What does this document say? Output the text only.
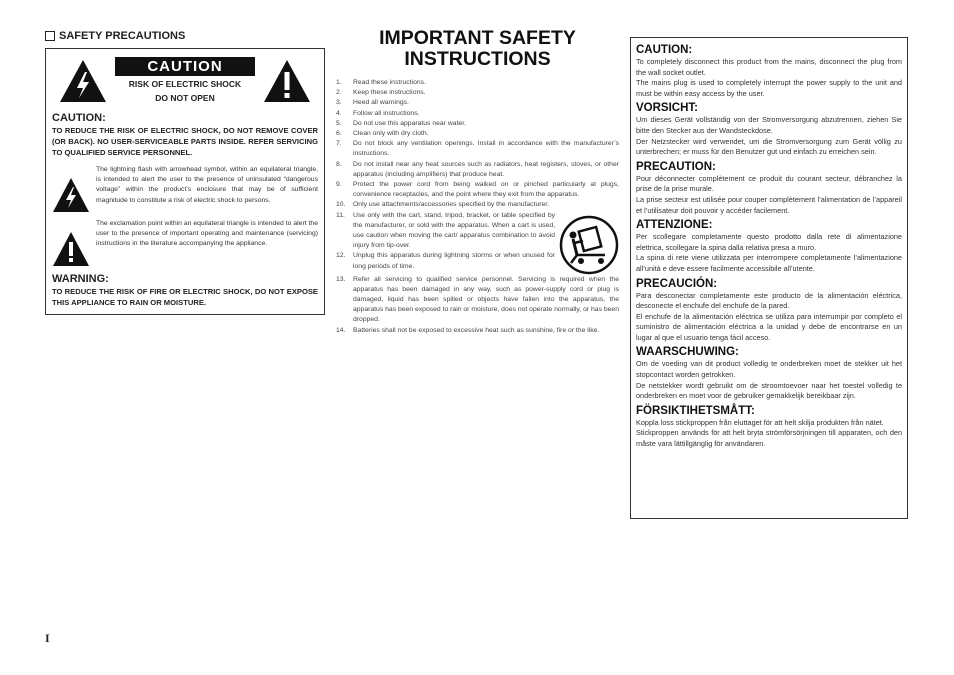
SAFETY PRECAUTIONS
CAUTION
RISK OF ELECTRIC SHOCK
DO NOT OPEN
CAUTION:
TO REDUCE THE RISK OF ELECTRIC SHOCK, DO NOT REMOVE COVER (OR BACK). NO USER-SERVICEABLE PARTS INSIDE. REFER SERVICING TO QUALIFIED SERVICE PERSONNEL.
The lightning flash with arrowhead symbol, within an equilateral triangle, is intended to alert the user to the presence of uninsulated “dangerous voltage” within the product’s enclosure that may be of sufficient magnitude to constitute a risk of electric shock to persons.
The exclamation point within an equilateral triangle is intended to alert the user to the presence of important operating and maintenance (servicing) instructions in the literature accompanying the appliance.
WARNING:
TO REDUCE THE RISK OF FIRE OR ELECTRIC SHOCK, DO NOT EXPOSE THIS APPLIANCE TO RAIN OR MOISTURE.
IMPORTANT SAFETY
INSTRUCTIONS
1.	Read these instructions.
2.	Keep these instructions.
3.	Heed all warnings.
4.	Follow all instructions.
5.	Do not use this apparatus near water.
6.	Clean only with dry cloth.
7.	Do not block any ventilation openings. Install in accordance with the manufacturer’s instructions.
8.	Do not install near any heat sources such as radiators, heat registers, stoves, or other apparatus (including amplifiers) that produce heat.
9.	Protect the power cord from being walked on or pinched particularly at plugs, convenience receptacles, and the point where they exit from the apparatus.
10.	Only use attachments/accessories specified by the manufacturer.
11.	Use only with the cart, stand, tripod, bracket, or table specified by the manufacturer, or sold with the apparatus. When a cart is used, use caution when moving the cart/ apparatus combination to avoid injury from tip-over.
12.	Unplug this apparatus during lightning storms or when unused for long periods of time.
13.	Refer all servicing to qualified service personnel. Servicing is required when the apparatus has been damaged in any way, such as power-supply cord or plug is damaged, liquid has been spilled or objects have fallen into the apparatus, the apparatus has been exposed to rain or moisture, does not operate normally, or has been dropped.
14.	Batteries shall not be exposed to excessive heat such as sunshine, fire or the like.
CAUTION:

To completely disconnect this product from the mains, disconnect the plug from the wall socket outlet.

The mains plug is used to completely interrupt the power supply to the unit and must be within easy access by the user.

VORSICHT:

Um dieses Gerät vollständig von der Stromversorgung abzutrennen, ziehen Sie bitte den Stecker aus der Wandsteckdose.

Der Netzstecker wird verwendet, um die Stromversorgung zum Gerät völlig zu unterbrechen; er muss für den Benutzer gut und einfach zu erreichen sein.

PRECAUTION:

Pour déconnecter complètement ce produit du courant secteur, débranchez la prise de la prise murale.

La prise secteur est utilisée pour couper complètement l’alimentation de l’appareil et l’utilisateur doit pouvoir y accéder facilement.

ATTENZIONE:

Per scollegare completamente questo prodotto dalla rete di alimentazione elettrica, scollegare la spina dalla relativa presa a muro.

La spina di rete viene utilizzata per interrompere completamente l’alimentazione all’unità e deve essere facilmente accessibile all’utente.

PRECAUCIÓN:

Para desconectar completamente este producto de la alimentación eléctrica, desconecte el enchufe del enchufe de la pared.

El enchufe de la alimentación eléctrica se utiliza para interrumpir por completo el suministro de alimentación eléctrica a la unidad y debe de encontrarse en un lugar al que el usuario tenga fácil acceso.

WAARSCHUWING:

Om de voeding van dit product volledig te onderbreken moet de stekker uit het stopcontact worden getrokken.

De netstekker wordt gebruikt om de stroomtoevoer naar het toestel volledig te onderbreken en moet voor de gebruiker gemakkelijk bereikbaar zijn.

FÖRSIKTIHETSMÅTT:

Koppla loss stickproppen från eluttaget för att helt skilja produkten från nätet.

Stickproppen används för att helt bryta strömförsörjningen till apparaten, och den måste vara lättillgänglig för användaren.

I
